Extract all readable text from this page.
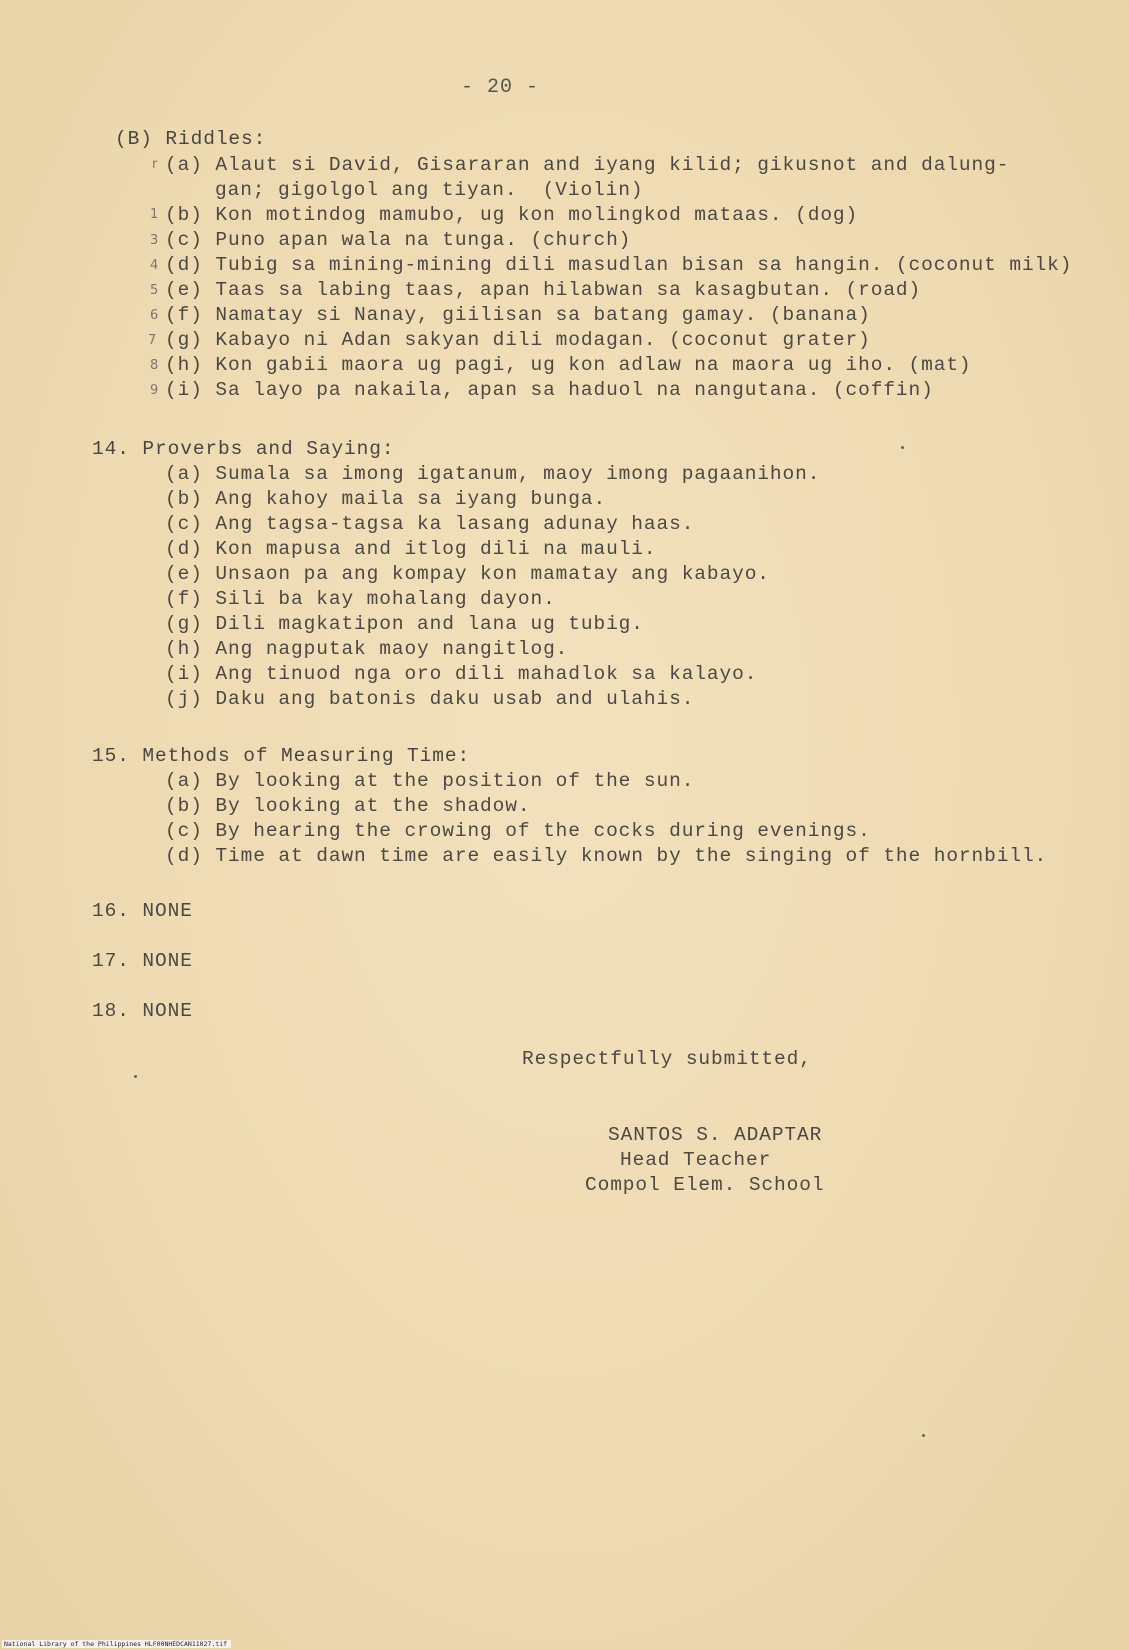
- 20 -
(B) Riddles:
r
1
3
4
5
6
7
8
9
(a) Alaut si David, Gisararan and iyang kilid; gikusnot and dalung-
gan; gigolgol ang tiyan.  (Violin)
(b) Kon motindog mamubo, ug kon molingkod mataas. (dog)
(c) Puno apan wala na tunga. (church)
(d) Tubig sa mining-mining dili masudlan bisan sa hangin. (coconut milk)
(e) Taas sa labing taas, apan hilabwan sa kasagbutan. (road)
(f) Namatay si Nanay, giilisan sa batang gamay. (banana)
(g) Kabayo ni Adan sakyan dili modagan. (coconut grater)
(h) Kon gabii maora ug pagi, ug kon adlaw na maora ug iho. (mat)
(i) Sa layo pa nakaila, apan sa haduol na nangutana. (coffin)
14. Proverbs and Saying:
(a) Sumala sa imong igatanum, maoy imong pagaanihon.
(b) Ang kahoy maila sa iyang bunga.
(c) Ang tagsa-tagsa ka lasang adunay haas.
(d) Kon mapusa and itlog dili na mauli.
(e) Unsaon pa ang kompay kon mamatay ang kabayo.
(f) Sili ba kay mohalang dayon.
(g) Dili magkatipon and lana ug tubig.
(h) Ang nagputak maoy nangitlog.
(i) Ang tinuod nga oro dili mahadlok sa kalayo.
(j) Daku ang batonis daku usab and ulahis.
15. Methods of Measuring Time:
(a) By looking at the position of the sun.
(b) By looking at the shadow.
(c) By hearing the crowing of the cocks during evenings.
(d) Time at dawn time are easily known by the singing of the hornbill.
16. NONE
17. NONE
18. NONE
Respectfully submitted,
SANTOS S. ADAPTAR
Head Teacher
Compol Elem. School
National Library of the Philippines HLF00NHEDCAN11027.tif
